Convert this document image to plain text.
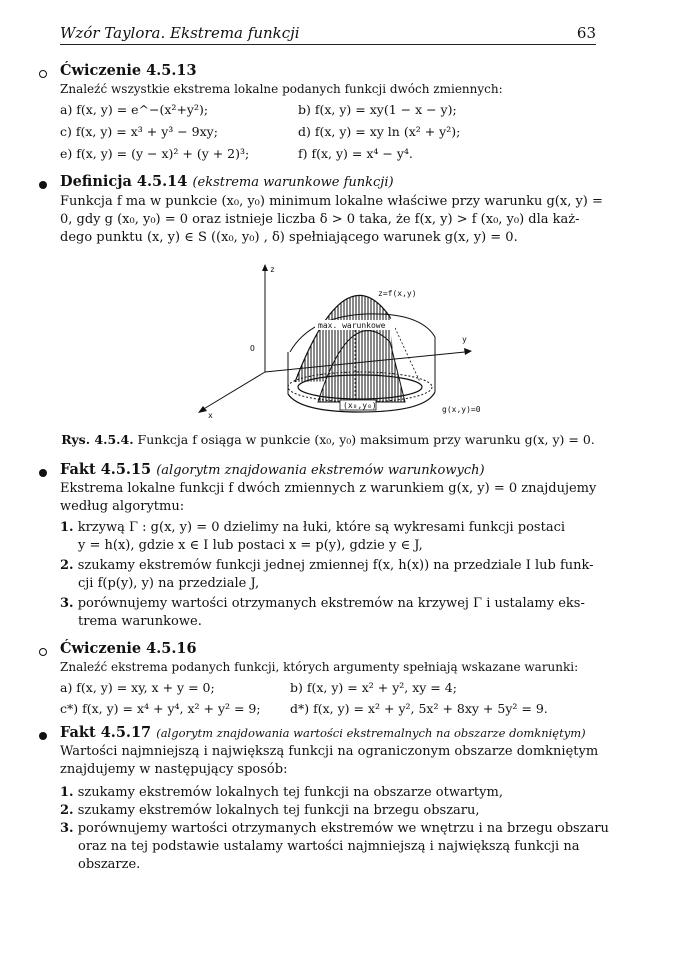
Wzór Taylora. Ekstrema funkcji	63
Ćwiczenie 4.5.13
Znaleźć wszystkie ekstrema lokalne podanych funkcji dwóch zmiennych:
a) f(x, y) = e^−(x²+y²);	b) f(x, y) = xy(1 − x − y);
c) f(x, y) = x³ + y³ − 9xy;	d) f(x, y) = xy ln (x² + y²);
e) f(x, y) = (y − x)² + (y + 2)³;	f) f(x, y) = x⁴ − y⁴.
Definicja 4.5.14 (ekstrema warunkowe funkcji)
Funkcja f ma w punkcie (x₀, y₀) minimum lokalne właściwe przy warunku g(x, y) =
0, gdy g (x₀, y₀) = 0 oraz istnieje liczba δ > 0 taka, że f(x, y) > f (x₀, y₀) dla każ-
dego punktu (x, y) ∈ S ((x₀, y₀) , δ) spełniającego warunek g(x, y) = 0.
z
y
x
O
(x₀,y₀)
max. warunkowe
z=f(x,y)
g(x,y)=0
Rys. 4.5.4. Funkcja f osiąga w punkcie (x₀, y₀) maksimum przy warunku g(x, y) = 0.
Fakt 4.5.15 (algorytm znajdowania ekstremów warunkowych)
Ekstrema lokalne funkcji f dwóch zmiennych z warunkiem g(x, y) = 0 znajdujemy
według algorytmu:
1. krzywą Γ : g(x, y) = 0 dzielimy na łuki, które są wykresami funkcji postaci
y = h(x), gdzie x ∈ I lub postaci x = p(y), gdzie y ∈ J,
2. szukamy ekstremów funkcji jednej zmiennej f(x, h(x)) na przedziale I lub funk-
cji f(p(y), y) na przedziale J,
3. porównujemy wartości otrzymanych ekstremów na krzywej Γ i ustalamy eks-
trema warunkowe.
Ćwiczenie 4.5.16
Znaleźć ekstrema podanych funkcji, których argumenty spełniają wskazane warunki:
a) f(x, y) = xy, x + y = 0;	b) f(x, y) = x² + y², xy = 4;
c*) f(x, y) = x⁴ + y⁴, x² + y² = 9; d*) f(x, y) = x² + y², 5x² + 8xy + 5y² = 9.
Fakt 4.5.17 (algorytm znajdowania wartości ekstremalnych na obszarze domkniętym)
Wartości najmniejszą i największą funkcji na ograniczonym obszarze domkniętym
znajdujemy w następujący sposób:
1. szukamy ekstremów lokalnych tej funkcji na obszarze otwartym,
2. szukamy ekstremów lokalnych tej funkcji na brzegu obszaru,
3. porównujemy wartości otrzymanych ekstremów we wnętrzu i na brzegu obszaru
oraz na tej podstawie ustalamy wartości najmniejszą i największą funkcji na
obszarze.
